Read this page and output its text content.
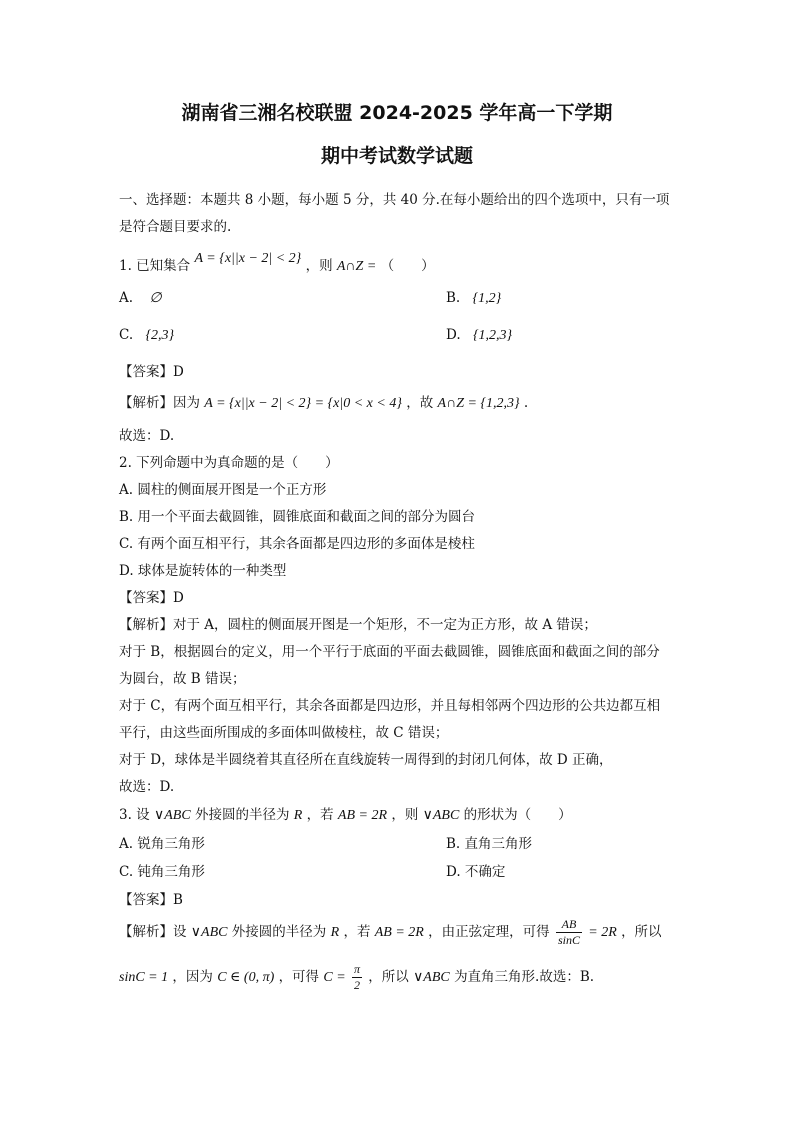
湖南省三湘名校联盟 2024-2025 学年高一下学期
期中考试数学试题
一、选择题：本题共 8 小题，每小题 5 分，共 40 分.在每小题给出的四个选项中，只有一项
是符合题目要求的.
1. 已知集合 A = {x||x − 2| < 2} ，则 A∩Z = （　　）
A. ∅	B. {1,2}
C. {2,3}	D. {1,2,3}
【答案】D
【解析】因为 A = {x||x − 2| < 2} = {x|0 < x < 4} ，故 A∩Z = {1,2,3} .
故选：D.
2. 下列命题中为真命题的是（　　）
A. 圆柱的侧面展开图是一个正方形
B. 用一个平面去截圆锥，圆锥底面和截面之间的部分为圆台
C. 有两个面互相平行，其余各面都是四边形的多面体是棱柱
D. 球体是旋转体的一种类型
【答案】D
【解析】对于 A，圆柱的侧面展开图是一个矩形，不一定为正方形，故 A 错误；
对于 B，根据圆台的定义，用一个平行于底面的平面去截圆锥，圆锥底面和截面之间的部分
为圆台，故 B 错误；
对于 C，有两个面互相平行，其余各面都是四边形，并且每相邻两个四边形的公共边都互相
平行，由这些面所围成的多面体叫做棱柱，故 C 错误；
对于 D，球体是半圆绕着其直径所在直线旋转一周得到的封闭几何体，故 D 正确，
故选：D.
3. 设 ∨ABC 外接圆的半径为 R ，若 AB = 2R ，则 ∨ABC 的形状为（　　）
A. 锐角三角形	B. 直角三角形
C. 钝角三角形	D. 不确定
【答案】B
【解析】设 ∨ABC 外接圆的半径为 R ，若 AB = 2R ，由正弦定理，可得 $\frac{AB}{\sin C} = 2R$ ，所以
sinC = 1 ，因为 C ∈ (0, π) ，可得 $C = \frac{\pi}{2}$ ，所以 ∨ABC 为直角三角形.故选：B.
